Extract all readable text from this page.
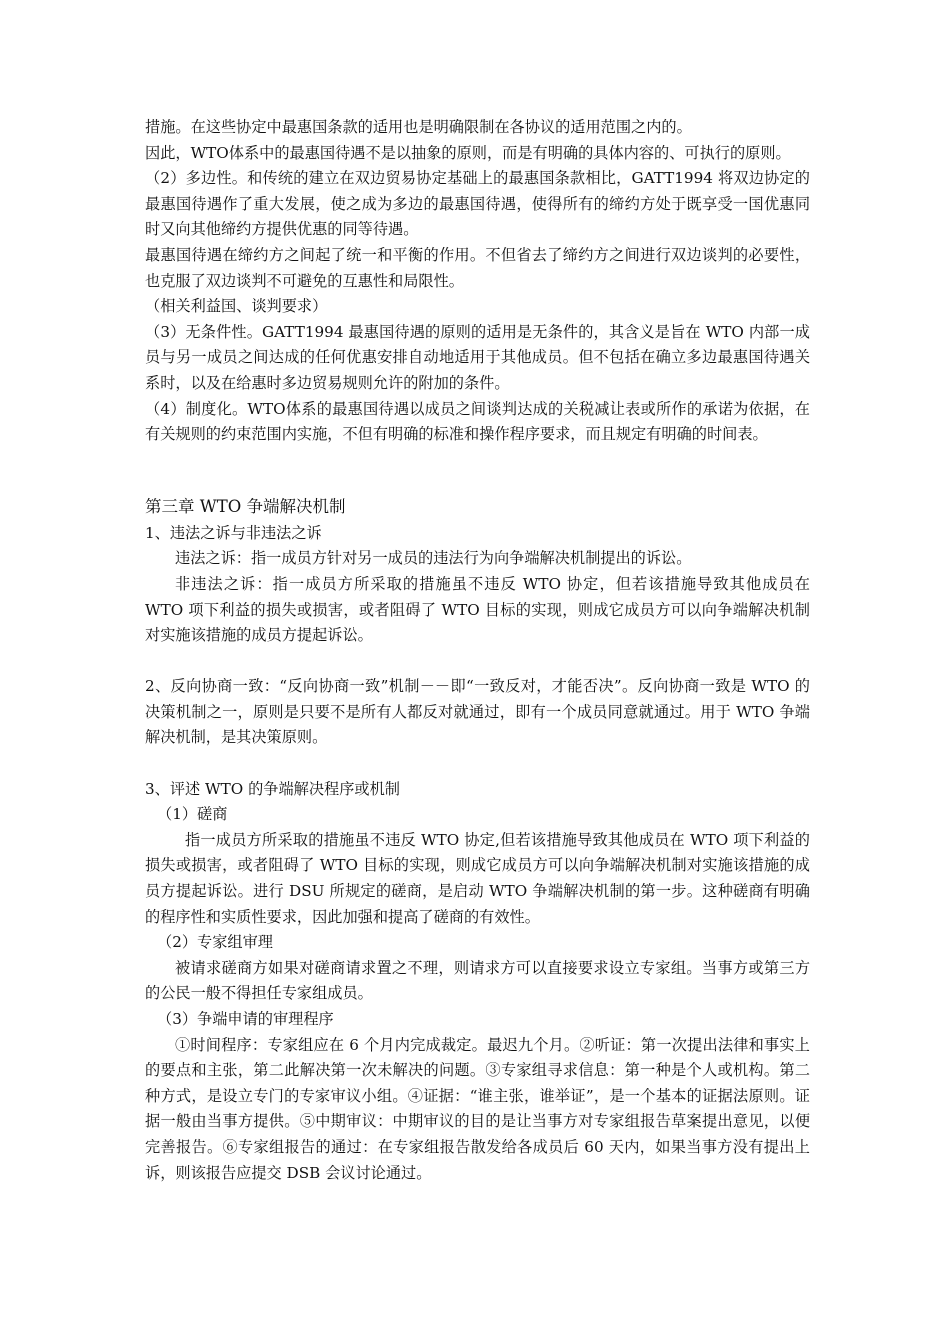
措施。在这些协定中最惠国条款的适用也是明确限制在各协议的适用范围之内的。

因此，WTO体系中的最惠国待遇不是以抽象的原则，而是有明确的具体内容的、可执行的原则。

（2）多边性。和传统的建立在双边贸易协定基础上的最惠国条款相比，GATT1994 将双边协定的最惠国待遇作了重大发展，使之成为多边的最惠国待遇，使得所有的缔约方处于既享受一国优惠同时又向其他缔约方提供优惠的同等待遇。

最惠国待遇在缔约方之间起了统一和平衡的作用。不但省去了缔约方之间进行双边谈判的必要性，也克服了双边谈判不可避免的互惠性和局限性。

（相关利益国、谈判要求）

（3）无条件性。GATT1994 最惠国待遇的原则的适用是无条件的，其含义是旨在 WTO 内部一成员与另一成员之间达成的任何优惠安排自动地适用于其他成员。但不包括在确立多边最惠国待遇关系时，以及在给惠时多边贸易规则允许的附加的条件。

（4）制度化。WTO体系的最惠国待遇以成员之间谈判达成的关税减让表或所作的承诺为依据，在有关规则的约束范围内实施，不但有明确的标准和操作程序要求，而且规定有明确的时间表。

第三章 WTO 争端解决机制

1、违法之诉与非违法之诉

违法之诉：指一成员方针对另一成员的违法行为向争端解决机制提出的诉讼。

非违法之诉：指一成员方所采取的措施虽不违反 WTO 协定，但若该措施导致其他成员在 WTO 项下利益的损失或损害，或者阻碍了 WTO 目标的实现，则成它成员方可以向争端解决机制对实施该措施的成员方提起诉讼。

2、反向协商一致：“反向协商一致”机制－－即“一致反对，才能否决”。反向协商一致是 WTO 的决策机制之一，原则是只要不是所有人都反对就通过，即有一个成员同意就通过。用于 WTO 争端解决机制，是其决策原则。

3、评述 WTO 的争端解决程序或机制

（1）磋商

指一成员方所采取的措施虽不违反 WTO 协定,但若该措施导致其他成员在 WTO 项下利益的损失或损害，或者阻碍了 WTO 目标的实现，则成它成员方可以向争端解决机制对实施该措施的成员方提起诉讼。进行 DSU 所规定的磋商，是启动 WTO 争端解决机制的第一步。这种磋商有明确的程序性和实质性要求，因此加强和提高了磋商的有效性。

（2）专家组审理

被请求磋商方如果对磋商请求置之不理，则请求方可以直接要求设立专家组。当事方或第三方的公民一般不得担任专家组成员。

（3）争端申请的审理程序

①时间程序：专家组应在 6 个月内完成裁定。最迟九个月。②听证：第一次提出法律和事实上的要点和主张，第二此解决第一次未解决的问题。③专家组寻求信息：第一种是个人或机构。第二种方式，是设立专门的专家审议小组。④证据：“谁主张，谁举证”，是一个基本的证据法原则。证据一般由当事方提供。⑤中期审议：中期审议的目的是让当事方对专家组报告草案提出意见，以便完善报告。⑥专家组报告的通过：在专家组报告散发给各成员后 60 天内，如果当事方没有提出上诉，则该报告应提交 DSB 会议讨论通过。
